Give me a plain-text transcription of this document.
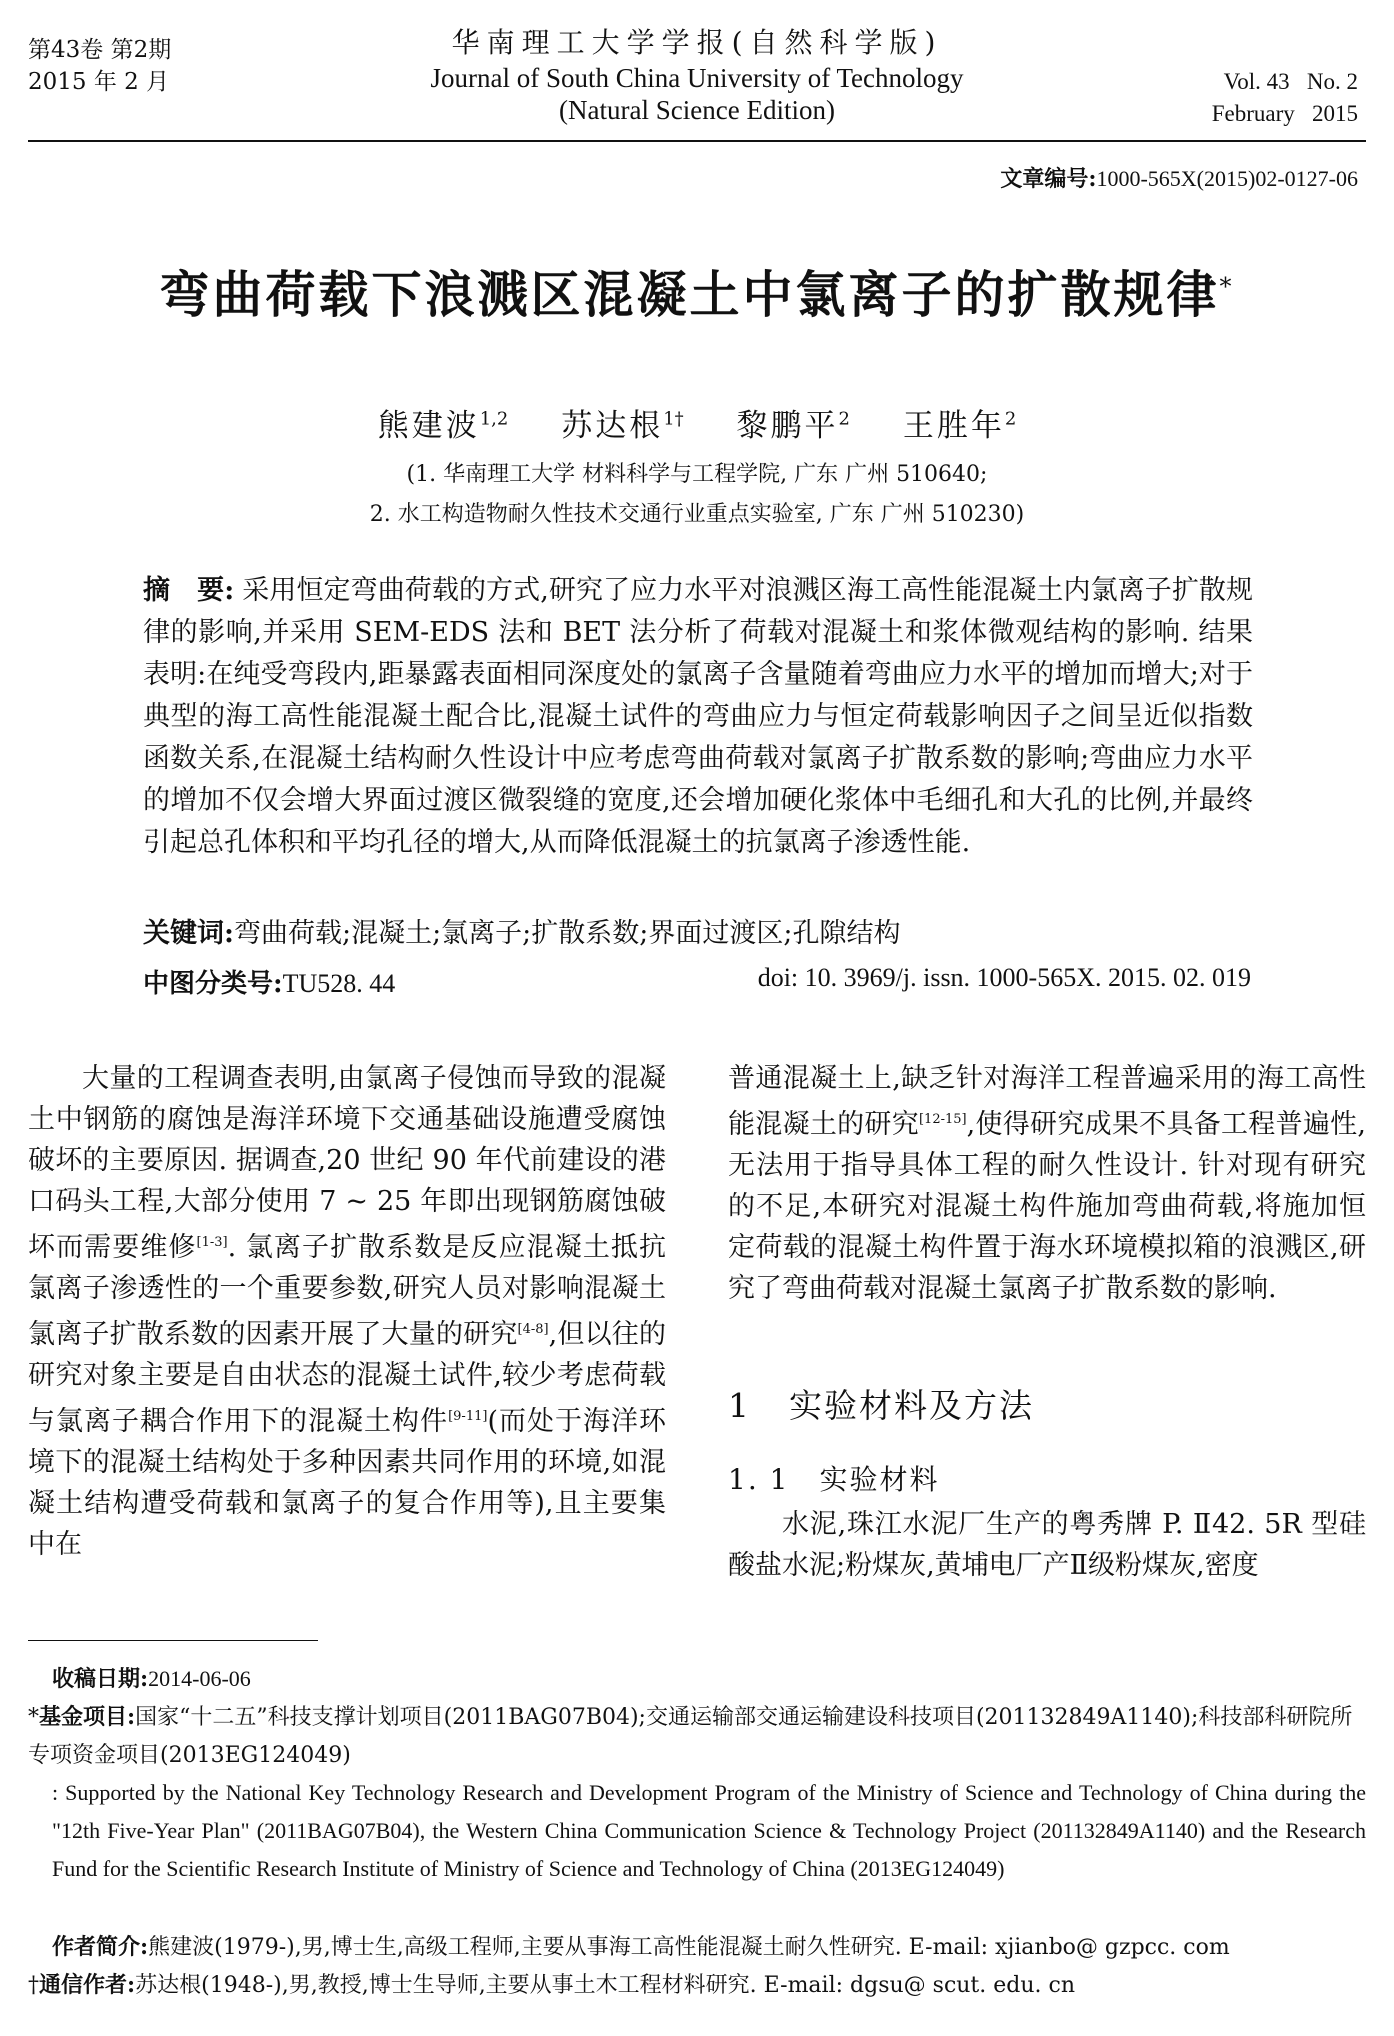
第43卷 第2期
2015 年 2 月
华南理工大学学报(自然科学版)
Journal of South China University of Technology
(Natural Science Edition)
Vol. 43   No. 2
February   2015
文章编号:1000-565X(2015)02-0127-06
弯曲荷载下浪溅区混凝土中氯离子的扩散规律*
熊建波$^{1,2}$ 苏达根$^{1\dagger}$ 黎鹏平$^2$ 王胜年$^2$
(1. 华南理工大学 材料科学与工程学院, 广东 广州 510640;
2. 水工构造物耐久性技术交通行业重点实验室, 广东 广州 510230)
摘　要: 采用恒定弯曲荷载的方式,研究了应力水平对浪溅区海工高性能混凝土内氯离子扩散规律的影响,并采用 SEM-EDS 法和 BET 法分析了荷载对混凝土和浆体微观结构的影响. 结果表明:在纯受弯段内,距暴露表面相同深度处的氯离子含量随着弯曲应力水平的增加而增大;对于典型的海工高性能混凝土配合比,混凝土试件的弯曲应力与恒定荷载影响因子之间呈近似指数函数关系,在混凝土结构耐久性设计中应考虑弯曲荷载对氯离子扩散系数的影响;弯曲应力水平的增加不仅会增大界面过渡区微裂缝的宽度,还会增加硬化浆体中毛细孔和大孔的比例,并最终引起总孔体积和平均孔径的增大,从而降低混凝土的抗氯离子渗透性能.
关键词:弯曲荷载;混凝土;氯离子;扩散系数;界面过渡区;孔隙结构
中图分类号:TU528. 44	doi: 10. 3969/j. issn. 1000-565X. 2015. 02. 019

大量的工程调查表明,由氯离子侵蚀而导致的混凝土中钢筋的腐蚀是海洋环境下交通基础设施遭受腐蚀破坏的主要原因. 据调查,20 世纪 90 年代前建设的港口码头工程,大部分使用 7 ~ 25 年即出现钢筋腐蚀破坏而需要维修[1-3]. 氯离子扩散系数是反应混凝土抵抗氯离子渗透性的一个重要参数,研究人员对影响混凝土氯离子扩散系数的因素开展了大量的研究[4-8],但以往的研究对象主要是自由状态的混凝土试件,较少考虑荷载与氯离子耦合作用下的混凝土构件[9-11](而处于海洋环境下的混凝土结构处于多种因素共同作用的环境,如混凝土结构遭受荷载和氯离子的复合作用等),且主要集中在

普通混凝土上,缺乏针对海洋工程普遍采用的海工高性能混凝土的研究[12-15],使得研究成果不具备工程普遍性,无法用于指导具体工程的耐久性设计. 针对现有研究的不足,本研究对混凝土构件施加弯曲荷载,将施加恒定荷载的混凝土构件置于海水环境模拟箱的浪溅区,研究了弯曲荷载对混凝土氯离子扩散系数的影响.

1 实验材料及方法
1. 1 实验材料

水泥,珠江水泥厂生产的粤秀牌 P. Ⅱ42. 5R 型硅酸盐水泥;粉煤灰,黄埔电厂产Ⅱ级粉煤灰,密度

收稿日期:2014-06-06
*基金项目:国家“十二五”科技支撑计划项目(2011BAG07B04);交通运输部交通运输建设科技项目(201132849A1140);科技部科研院所专项资金项目(2013EG124049)
: Supported by the National Key Technology Research and Development Program of the Ministry of Science and Technology of China during the "12th Five-Year Plan" (2011BAG07B04), the Western China Communication Science & Technology Project (201132849A1140) and the Research Fund for the Scientific Research Institute of Ministry of Science and Technology of China (2013EG124049)
作者简介:熊建波(1979-),男,博士生,高级工程师,主要从事海工高性能混凝土耐久性研究. E-mail: xjianbo@ gzpcc. com
†通信作者:苏达根(1948-),男,教授,博士生导师,主要从事土木工程材料研究. E-mail: dgsu@ scut. edu. cn
